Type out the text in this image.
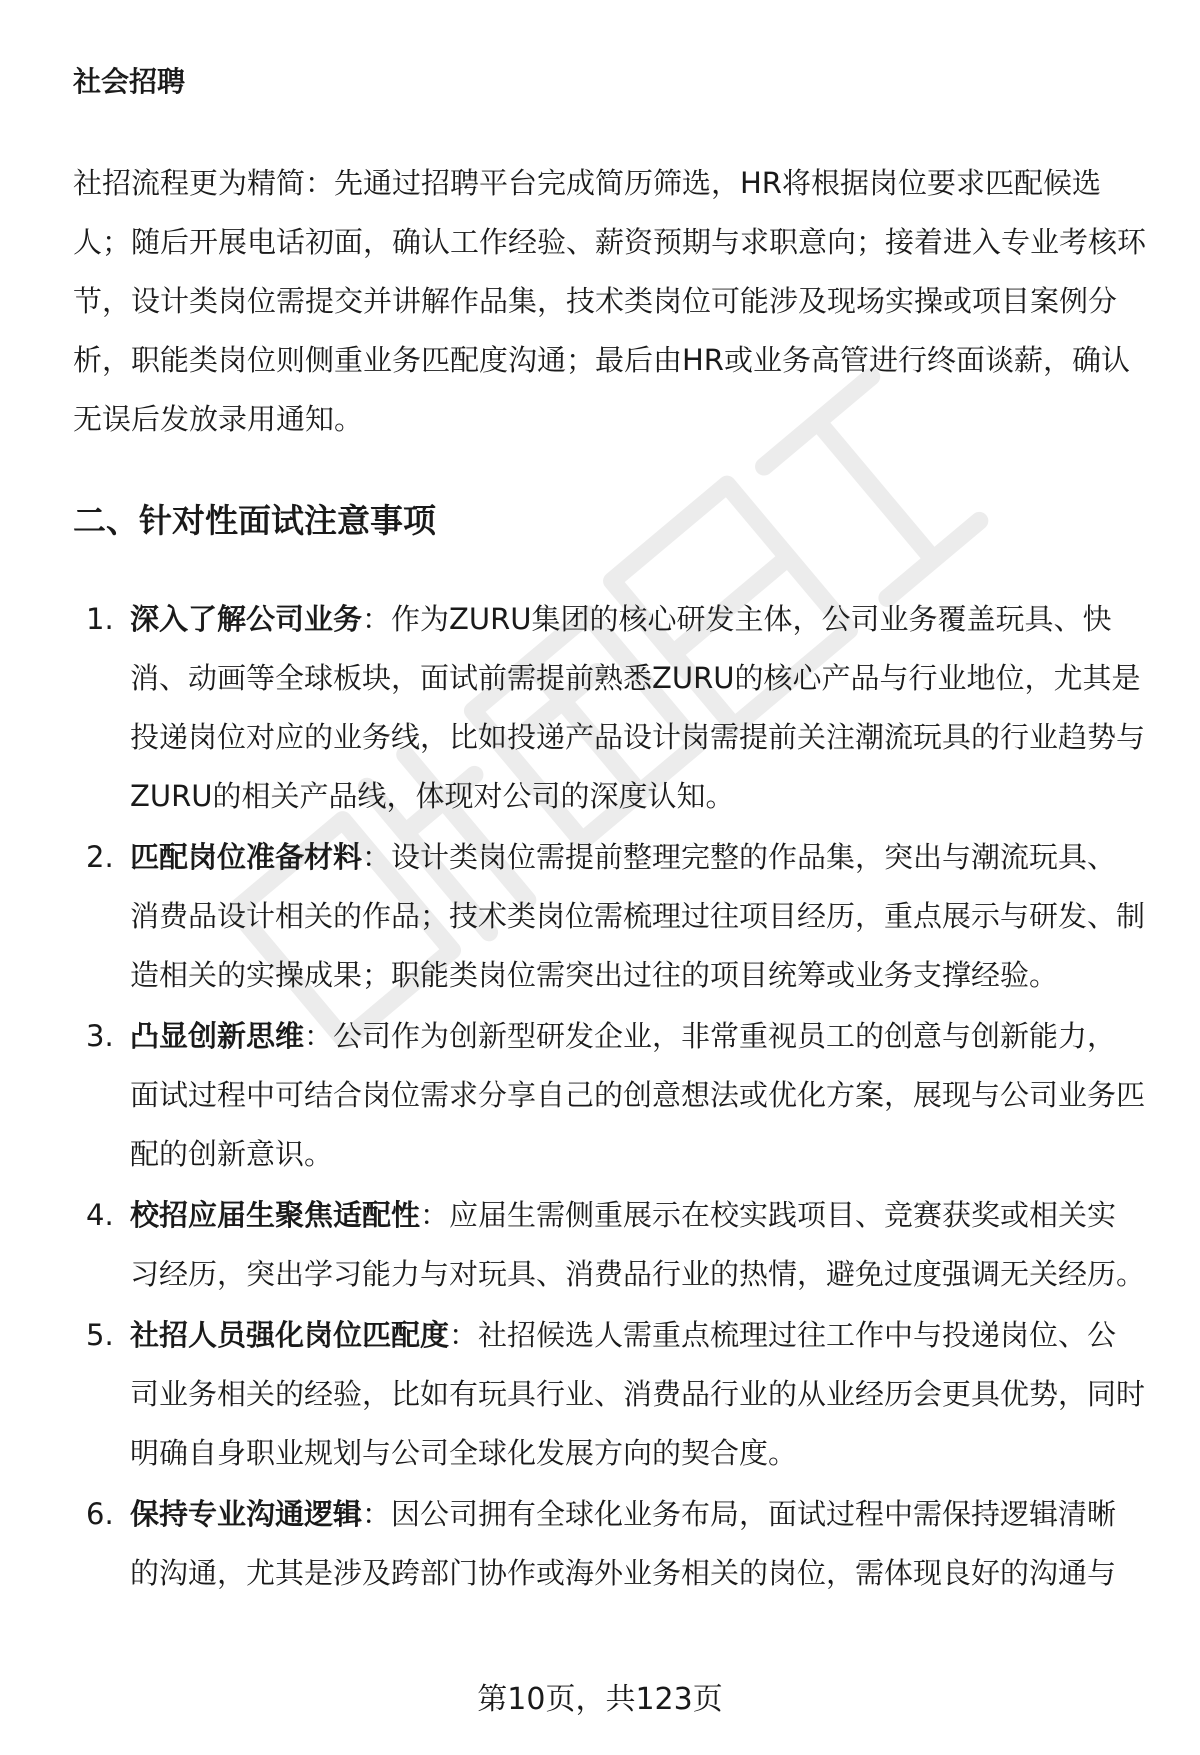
社会招聘

社招流程更为精简：先通过招聘平台完成简历筛选，HR将根据岗位要求匹配候选人；随后开展电话初面，确认工作经验、薪资预期与求职意向；接着进入专业考核环节，设计类岗位需提交并讲解作品集，技术类岗位可能涉及现场实操或项目案例分析，职能类岗位则侧重业务匹配度沟通；最后由HR或业务高管进行终面谈薪，确认无误后发放录用通知。

二、针对性面试注意事项
1. 深入了解公司业务：作为ZURU集团的核心研发主体，公司业务覆盖玩具、快消、动画等全球板块，面试前需提前熟悉ZURU的核心产品与行业地位，尤其是投递岗位对应的业务线，比如投递产品设计岗需提前关注潮流玩具的行业趋势与ZURU的相关产品线，体现对公司的深度认知。

2. 匹配岗位准备材料：设计类岗位需提前整理完整的作品集，突出与潮流玩具、消费品设计相关的作品；技术类岗位需梳理过往项目经历，重点展示与研发、制造相关的实操成果；职能类岗位需突出过往的项目统筹或业务支撑经验。

3. 凸显创新思维：公司作为创新型研发企业，非常重视员工的创意与创新能力，面试过程中可结合岗位需求分享自己的创意想法或优化方案，展现与公司业务匹配的创新意识。

4. 校招应届生聚焦适配性：应届生需侧重展示在校实践项目、竞赛获奖或相关实习经历，突出学习能力与对玩具、消费品行业的热情，避免过度强调无关经历。

5. 社招人员强化岗位匹配度：社招候选人需重点梳理过往工作中与投递岗位、公司业务相关的经验，比如有玩具行业、消费品行业的从业经历会更具优势，同时明确自身职业规划与公司全球化发展方向的契合度。

6. 保持专业沟通逻辑：因公司拥有全球化业务布局，面试过程中需保持逻辑清晰的沟通，尤其是涉及跨部门协作或海外业务相关的岗位，需体现良好的沟通与

第10页，共123页
